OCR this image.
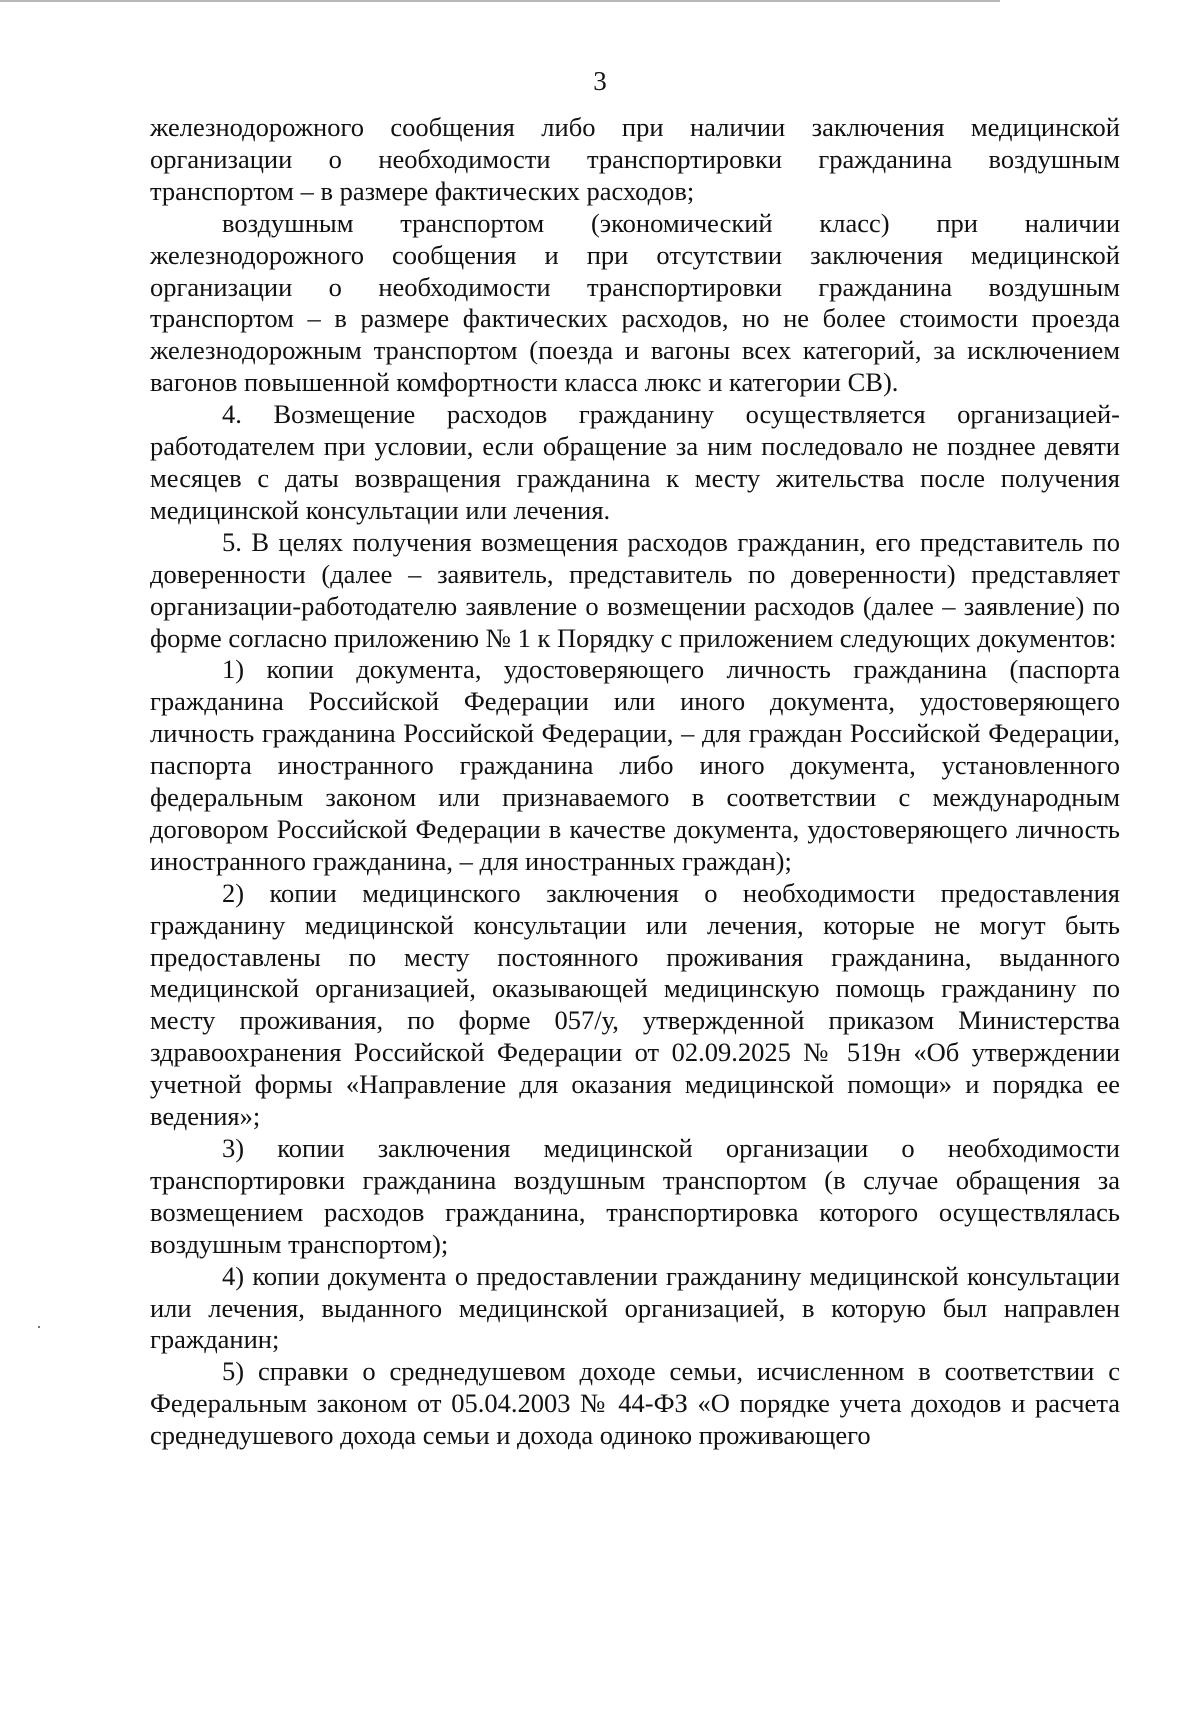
3

железнодорожного сообщения либо при наличии заключения медицинской организации о необходимости транспортировки гражданина воздушным транспортом – в размере фактических расходов;

воздушным транспортом (экономический класс) при наличии железнодорожного сообщения и при отсутствии заключения медицинской организации о необходимости транспортировки гражданина воздушным транспортом – в размере фактических расходов, но не более стоимости проезда железнодорожным транспортом (поезда и вагоны всех категорий, за исключением вагонов повышенной комфортности класса люкс и категории СВ).

4. Возмещение расходов гражданину осуществляется организацией-работодателем при условии, если обращение за ним последовало не позднее девяти месяцев с даты возвращения гражданина к месту жительства после получения медицинской консультации или лечения.

5. В целях получения возмещения расходов гражданин, его представитель по доверенности (далее – заявитель, представитель по доверенности) представляет организации-работодателю заявление о возмещении расходов (далее – заявление) по форме согласно приложению № 1 к Порядку с приложением следующих документов:

1) копии документа, удостоверяющего личность гражданина (паспорта гражданина Российской Федерации или иного документа, удостоверяющего личность гражданина Российской Федерации, – для граждан Российской Федерации, паспорта иностранного гражданина либо иного документа, установленного федеральным законом или признаваемого в соответствии с международным договором Российской Федерации в качестве документа, удостоверяющего личность иностранного гражданина, – для иностранных граждан);

2) копии медицинского заключения о необходимости предоставления гражданину медицинской консультации или лечения, которые не могут быть предоставлены по месту постоянного проживания гражданина, выданного медицинской организацией, оказывающей медицинскую помощь гражданину по месту проживания, по форме 057/у, утвержденной приказом Министерства здравоохранения Российской Федерации от 02.09.2025 № 519н «Об утверждении учетной формы «Направление для оказания медицинской помощи» и порядка ее ведения»;

3) копии заключения медицинской организации о необходимости транспортировки гражданина воздушным транспортом (в случае обращения за возмещением расходов гражданина, транспортировка которого осуществлялась воздушным транспортом);

4) копии документа о предоставлении гражданину медицинской консультации или лечения, выданного медицинской организацией, в которую был направлен гражданин;

5) справки о среднедушевом доходе семьи, исчисленном в соответствии с Федеральным законом от 05.04.2003 № 44-ФЗ «О порядке учета доходов и расчета среднедушевого дохода семьи и дохода одиноко проживающего
